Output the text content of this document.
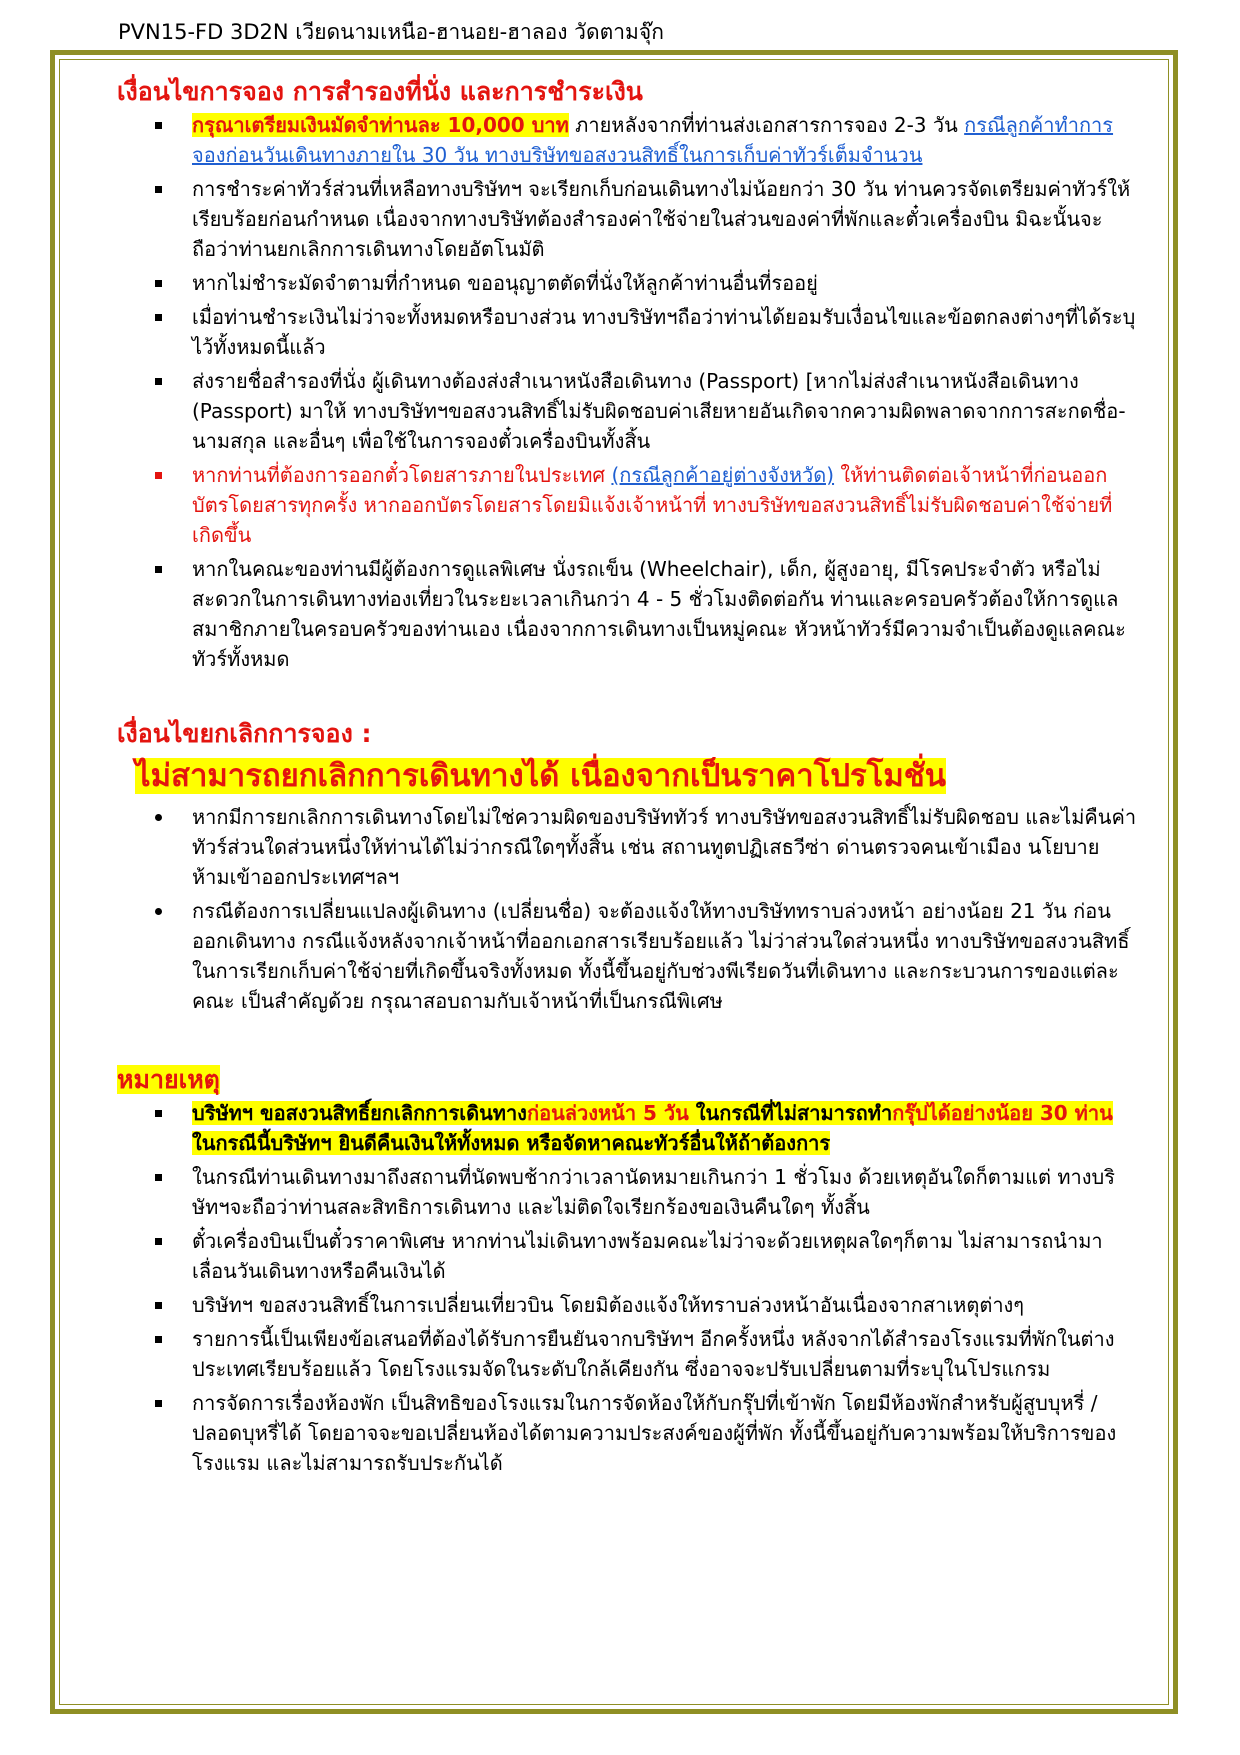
PVN15-FD 3D2N เวียดนามเหนือ-ฮานอย-ฮาลอง วัดตามจุ๊ก
เงื่อนไขการจอง การสำรองที่นั่ง และการชำระเงิน
กรุณาเตรียมเงินมัดจำท่านละ 10,000 บาท ภายหลังจากที่ท่านส่งเอกสารการจอง 2-3 วัน กรณีลูกค้าทำการจองก่อนวันเดินทางภายใน 30 วัน ทางบริษัทขอสงวนสิทธิ์ในการเก็บค่าทัวร์เต็มจำนวน
การชำระค่าทัวร์ส่วนที่เหลือทางบริษัทฯ จะเรียกเก็บก่อนเดินทางไม่น้อยกว่า 30 วัน ท่านควรจัดเตรียมค่าทัวร์ให้เรียบร้อยก่อนกำหนด เนื่องจากทางบริษัทต้องสำรองค่าใช้จ่ายในส่วนของค่าที่พักและตั๋วเครื่องบิน มิฉะนั้นจะถือว่าท่านยกเลิกการเดินทางโดยอัตโนมัติ
หากไม่ชำระมัดจำตามที่กำหนด ขออนุญาตตัดที่นั่งให้ลูกค้าท่านอื่นที่รออยู่
เมื่อท่านชำระเงินไม่ว่าจะทั้งหมดหรือบางส่วน ทางบริษัทฯถือว่าท่านได้ยอมรับเงื่อนไขและข้อตกลงต่างๆที่ได้ระบุไว้ทั้งหมดนี้แล้ว
ส่งรายชื่อสำรองที่นั่ง ผู้เดินทางต้องส่งสำเนาหนังสือเดินทาง (Passport) [หากไม่ส่งสำเนาหนังสือเดินทาง (Passport) มาให้ ทางบริษัทฯขอสงวนสิทธิ์ไม่รับผิดชอบค่าเสียหายอันเกิดจากความผิดพลาดจากการสะกดชื่อ-นามสกุล และอื่นๆ เพื่อใช้ในการจองตั๋วเครื่องบินทั้งสิ้น
หากท่านที่ต้องการออกตั๋วโดยสารภายในประเทศ (กรณีลูกค้าอยู่ต่างจังหวัด) ให้ท่านติดต่อเจ้าหน้าที่ก่อนออกบัตรโดยสารทุกครั้ง หากออกบัตรโดยสารโดยมิแจ้งเจ้าหน้าที่ ทางบริษัทขอสงวนสิทธิ์ไม่รับผิดชอบค่าใช้จ่ายที่เกิดขึ้น
หากในคณะของท่านมีผู้ต้องการดูแลพิเศษ นั่งรถเข็น (Wheelchair), เด็ก, ผู้สูงอายุ, มีโรคประจำตัว หรือไม่สะดวกในการเดินทางท่องเที่ยวในระยะเวลาเกินกว่า 4 - 5 ชั่วโมงติดต่อกัน ท่านและครอบครัวต้องให้การดูแลสมาชิกภายในครอบครัวของท่านเอง เนื่องจากการเดินทางเป็นหมู่คณะ หัวหน้าทัวร์มีความจำเป็นต้องดูแลคณะทัวร์ทั้งหมด
เงื่อนไขยกเลิกการจอง :
ไม่สามารถยกเลิกการเดินทางได้ เนื่องจากเป็นราคาโปรโมชั่น
หากมีการยกเลิกการเดินทางโดยไม่ใช่ความผิดของบริษัททัวร์ ทางบริษัทขอสงวนสิทธิ์ไม่รับผิดชอบ และไม่คืนค่าทัวร์ส่วนใดส่วนหนึ่งให้ท่านได้ไม่ว่ากรณีใดๆทั้งสิ้น เช่น สถานทูตปฏิเสธวีซ่า ด่านตรวจคนเข้าเมือง นโยบายห้ามเข้าออกประเทศฯลฯ
กรณีต้องการเปลี่ยนแปลงผู้เดินทาง (เปลี่ยนชื่อ) จะต้องแจ้งให้ทางบริษัททราบล่วงหน้า อย่างน้อย 21 วัน ก่อนออกเดินทาง กรณีแจ้งหลังจากเจ้าหน้าที่ออกเอกสารเรียบร้อยแล้ว ไม่ว่าส่วนใดส่วนหนึ่ง ทางบริษัทขอสงวนสิทธิ์ในการเรียกเก็บค่าใช้จ่ายที่เกิดขึ้นจริงทั้งหมด ทั้งนี้ขึ้นอยู่กับช่วงพีเรียดวันที่เดินทาง และกระบวนการของแต่ละคณะ เป็นสำคัญด้วย กรุณาสอบถามกับเจ้าหน้าที่เป็นกรณีพิเศษ
หมายเหตุ
บริษัทฯ ขอสงวนสิทธิ์ยกเลิกการเดินทางก่อนล่วงหน้า 5 วัน ในกรณีที่ไม่สามารถทำกรุ๊ปได้อย่างน้อย 30 ท่าน ในกรณีนี้บริษัทฯ ยินดีคืนเงินให้ทั้งหมด หรือจัดหาคณะทัวร์อื่นให้ถ้าต้องการ
ในกรณีท่านเดินทางมาถึงสถานที่นัดพบช้ากว่าเวลานัดหมายเกินกว่า 1 ชั่วโมง ด้วยเหตุอันใดก็ตามแต่ ทางบริษัทฯจะถือว่าท่านสละสิทธิการเดินทาง และไม่ติดใจเรียกร้องขอเงินคืนใดๆ ทั้งสิ้น
ตั๋วเครื่องบินเป็นตั๋วราคาพิเศษ หากท่านไม่เดินทางพร้อมคณะไม่ว่าจะด้วยเหตุผลใดๆก็ตาม ไม่สามารถนำมาเลื่อนวันเดินทางหรือคืนเงินได้
บริษัทฯ ขอสงวนสิทธิ์ในการเปลี่ยนเที่ยวบิน โดยมิต้องแจ้งให้ทราบล่วงหน้าอันเนื่องจากสาเหตุต่างๆ
รายการนี้เป็นเพียงข้อเสนอที่ต้องได้รับการยืนยันจากบริษัทฯ อีกครั้งหนึ่ง หลังจากได้สำรองโรงแรมที่พักในต่างประเทศเรียบร้อยแล้ว โดยโรงแรมจัดในระดับใกล้เคียงกัน ซึ่งอาจจะปรับเปลี่ยนตามที่ระบุในโปรแกรม
การจัดการเรื่องห้องพัก เป็นสิทธิของโรงแรมในการจัดห้องให้กับกรุ๊ปที่เข้าพัก โดยมีห้องพักสำหรับผู้สูบบุหรี่ / ปลอดบุหรี่ได้ โดยอาจจะขอเปลี่ยนห้องได้ตามความประสงค์ของผู้ที่พัก ทั้งนี้ขึ้นอยู่กับความพร้อมให้บริการของโรงแรม และไม่สามารถรับประกันได้
